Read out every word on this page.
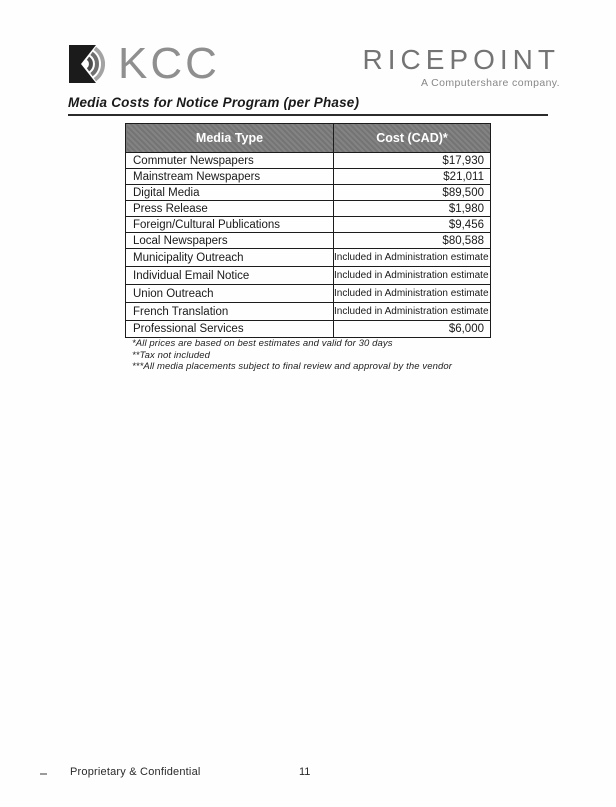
KCC	RICEPOINT
A Computershare company.
Media Costs for Notice Program (per Phase)
Media Type	Cost (CAD)*
Commuter Newspapers	$17,930
Mainstream Newspapers	$21,011
Digital Media	$89,500
Press Release	$1,980
Foreign/Cultural Publications	$9,456
Local Newspapers	$80,588
Municipality Outreach	Included in Administration estimate
Individual Email Notice	Included in Administration estimate
Union Outreach	Included in Administration estimate
French Translation	Included in Administration estimate
Professional Services	$6,000
*All prices are based on best estimates and valid for 30 days
**Tax not included
***All media placements subject to final review and approval by the vendor
Proprietary & Confidential	11
